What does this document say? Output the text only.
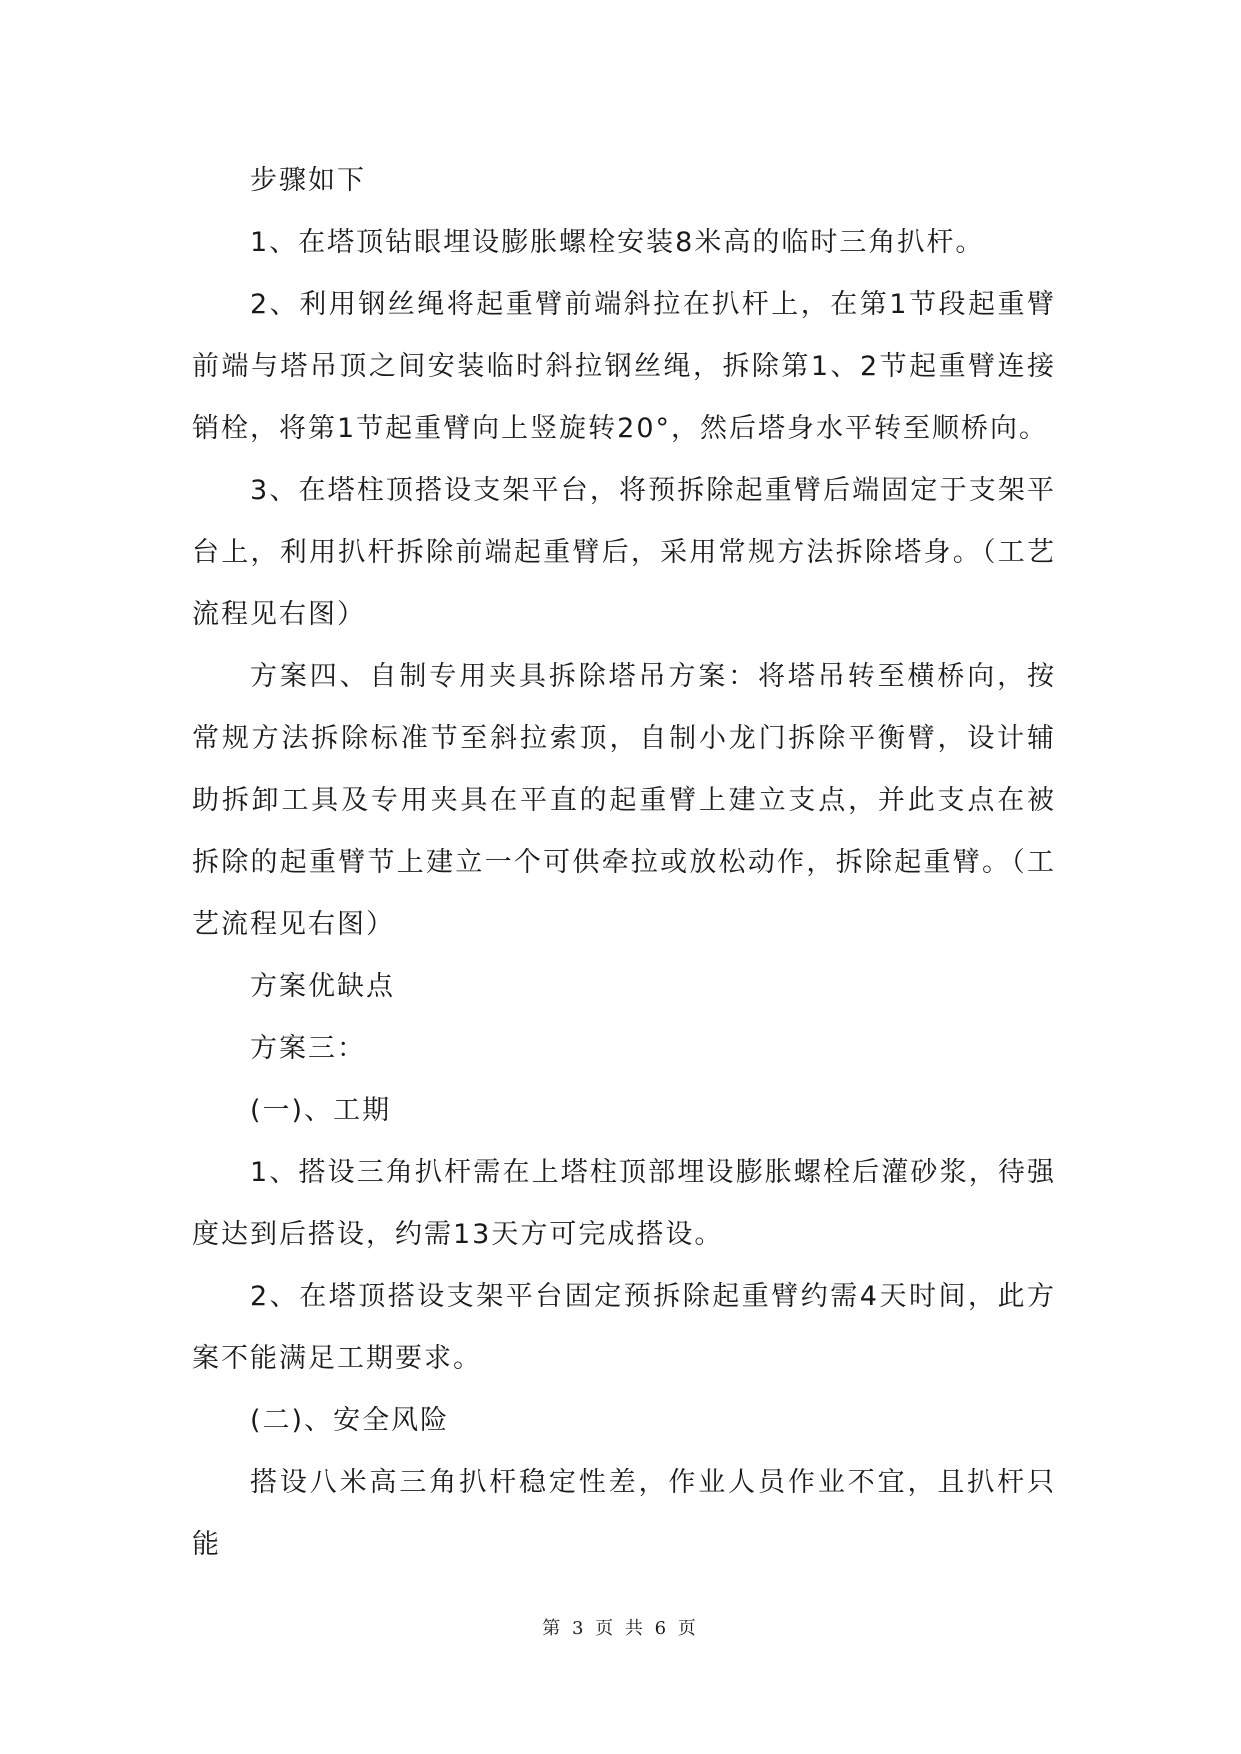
步骤如下

1、在塔顶钻眼埋设膨胀螺栓安装8米高的临时三角扒杆。

2、利用钢丝绳将起重臂前端斜拉在扒杆上，在第1节段起重臂前端与塔吊顶之间安装临时斜拉钢丝绳，拆除第1、2节起重臂连接销栓，将第1节起重臂向上竖旋转20°，然后塔身水平转至顺桥向。

3、在塔柱顶搭设支架平台，将预拆除起重臂后端固定于支架平台上，利用扒杆拆除前端起重臂后，采用常规方法拆除塔身。（工艺流程见右图）

方案四、自制专用夹具拆除塔吊方案：将塔吊转至横桥向，按常规方法拆除标准节至斜拉索顶，自制小龙门拆除平衡臂，设计辅助拆卸工具及专用夹具在平直的起重臂上建立支点，并此支点在被拆除的起重臂节上建立一个可供牵拉或放松动作，拆除起重臂。（工艺流程见右图）

方案优缺点

方案三：

(一)、工期

1、搭设三角扒杆需在上塔柱顶部埋设膨胀螺栓后灌砂浆，待强度达到后搭设，约需13天方可完成搭设。

2、在塔顶搭设支架平台固定预拆除起重臂约需4天时间，此方案不能满足工期要求。

(二)、安全风险

搭设八米高三角扒杆稳定性差，作业人员作业不宜，且扒杆只能

第 3 页 共 6 页
